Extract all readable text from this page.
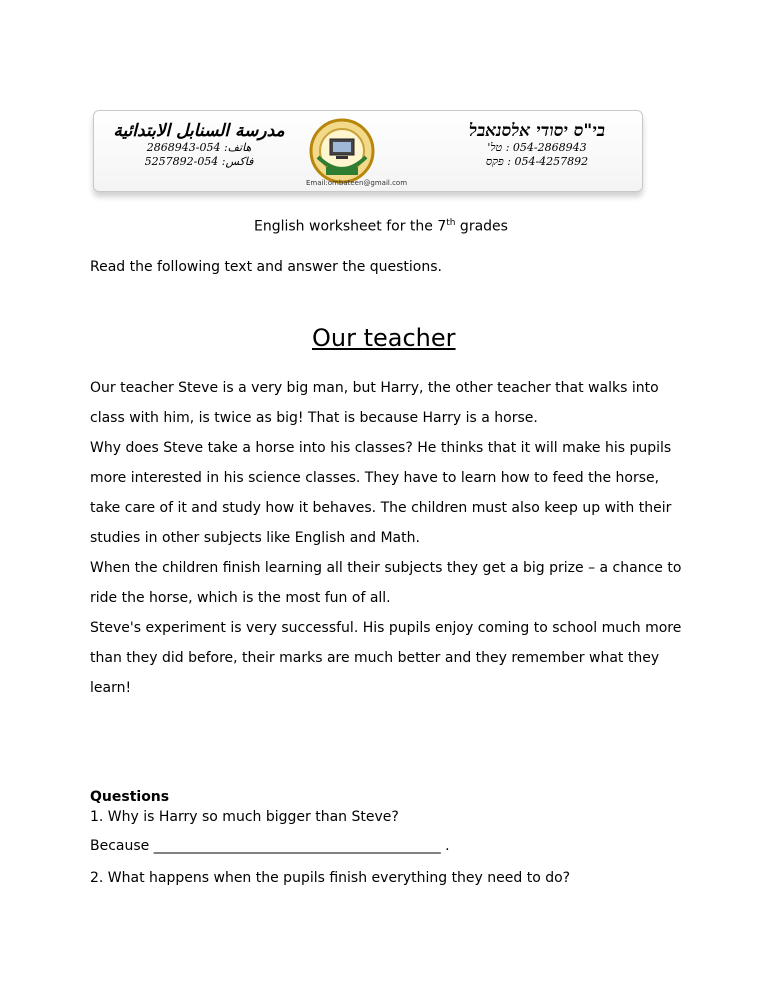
مدرسة السنابل الابتدائية
هاتف: 054-2868943
فاكس: 054-5257892
Email:ombateen@gmail.com
בי"ס יסודי אלסנאבל
054-2868943 : טל'
054-4257892 : פקס
English worksheet for the 7th grades
Read the following text and answer the questions.
Our teacher

Our teacher Steve is a very big man, but Harry, the other teacher that walks into class with him, is twice as big! That is because Harry is a horse.

Why does Steve take a horse into his classes? He thinks that it will make his pupils more interested in his science classes. They have to learn how to feed the horse, take care of it and study how it behaves. The children must also keep up with their studies in other subjects like English and Math.

When the children finish learning all their subjects they get a big prize – a chance to ride the horse, which is the most fun of all.

Steve's experiment is very successful. His pupils enjoy coming to school much more than they did before, their marks are much better and they remember what they learn!

Questions
1. Why is Harry so much bigger than Steve?
Because _________________________________________ .
2. What happens when the pupils finish everything they need to do?
